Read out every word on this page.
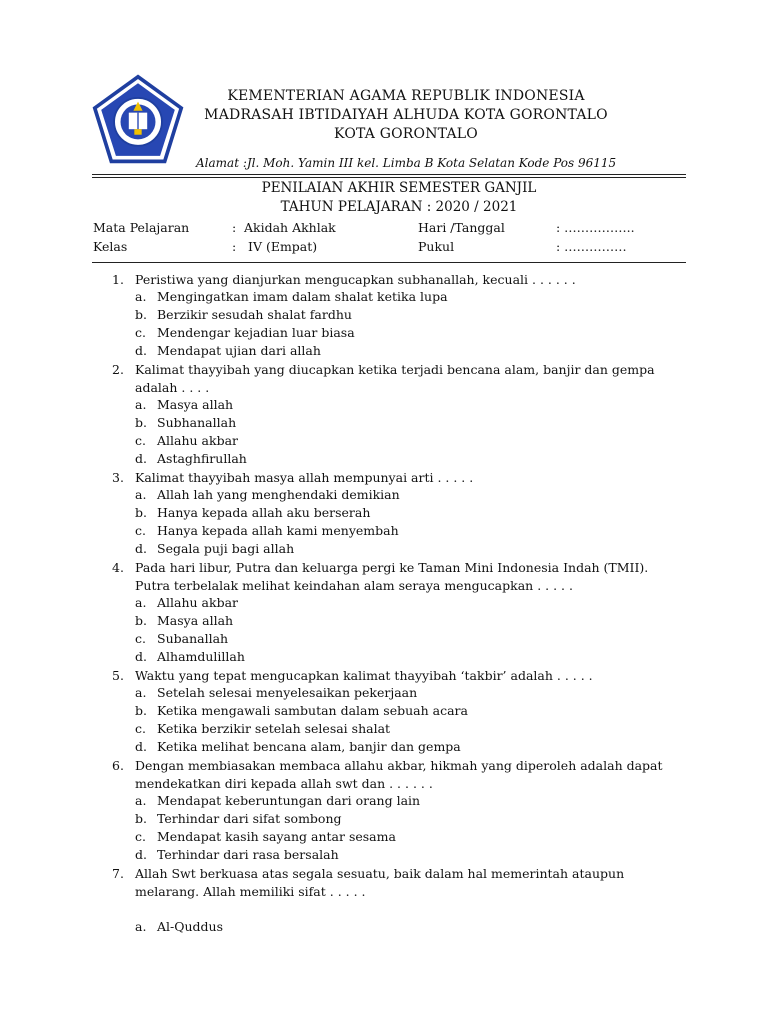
KEMENTERIAN AGAMA REPUBLIK INDONESIA
MADRASAH IBTIDAIYAH ALHUDA KOTA GORONTALO
KOTA GORONTALO
Alamat :Jl. Moh. Yamin III kel. Limba B Kota Selatan Kode Pos 96115
PENILAIAN AKHIR SEMESTER GANJIL
TAHUN PELAJARAN : 2020 / 2021
Mata Pelajaran	: Akidah Akhlak	Hari /Tanggal	: ……………..
Kelas	: IV (Empat)	Pukul	: ……………
1. Peristiwa yang dianjurkan mengucapkan subhanallah, kecuali . . . . . .
a. Mengingatkan imam dalam shalat ketika lupa
b. Berzikir sesudah shalat fardhu
c. Mendengar kejadian luar biasa
d. Mendapat ujian dari allah
2. Kalimat thayyibah yang diucapkan ketika terjadi bencana alam, banjir dan gempa adalah . . . .
a. Masya allah
b. Subhanallah
c. Allahu akbar
d. Astaghfirullah
3. Kalimat thayyibah masya allah mempunyai arti . . . . .
a. Allah lah yang menghendaki demikian
b. Hanya kepada allah aku berserah
c. Hanya kepada allah kami menyembah
d. Segala puji bagi allah
4. Pada hari libur, Putra dan keluarga pergi ke Taman Mini Indonesia Indah (TMII). Putra terbelalak melihat keindahan alam seraya mengucapkan . . . . .
a. Allahu akbar
b. Masya allah
c. Subanallah
d. Alhamdulillah
5. Waktu yang tepat mengucapkan kalimat thayyibah ‘takbir’ adalah . . . . .
a. Setelah selesai menyelesaikan pekerjaan
b. Ketika mengawali sambutan dalam sebuah acara
c. Ketika berzikir setelah selesai shalat
d. Ketika melihat bencana alam, banjir dan gempa
6. Dengan membiasakan membaca allahu akbar, hikmah yang diperoleh adalah dapat mendekatkan diri kepada allah swt dan . . . . . .
a. Mendapat keberuntungan dari orang lain
b. Terhindar dari sifat sombong
c. Mendapat kasih sayang antar sesama
d. Terhindar dari rasa bersalah
7. Allah Swt berkuasa atas segala sesuatu, baik dalam hal memerintah ataupun melarang. Allah memiliki sifat . . . . .
a. Al-Quddus
